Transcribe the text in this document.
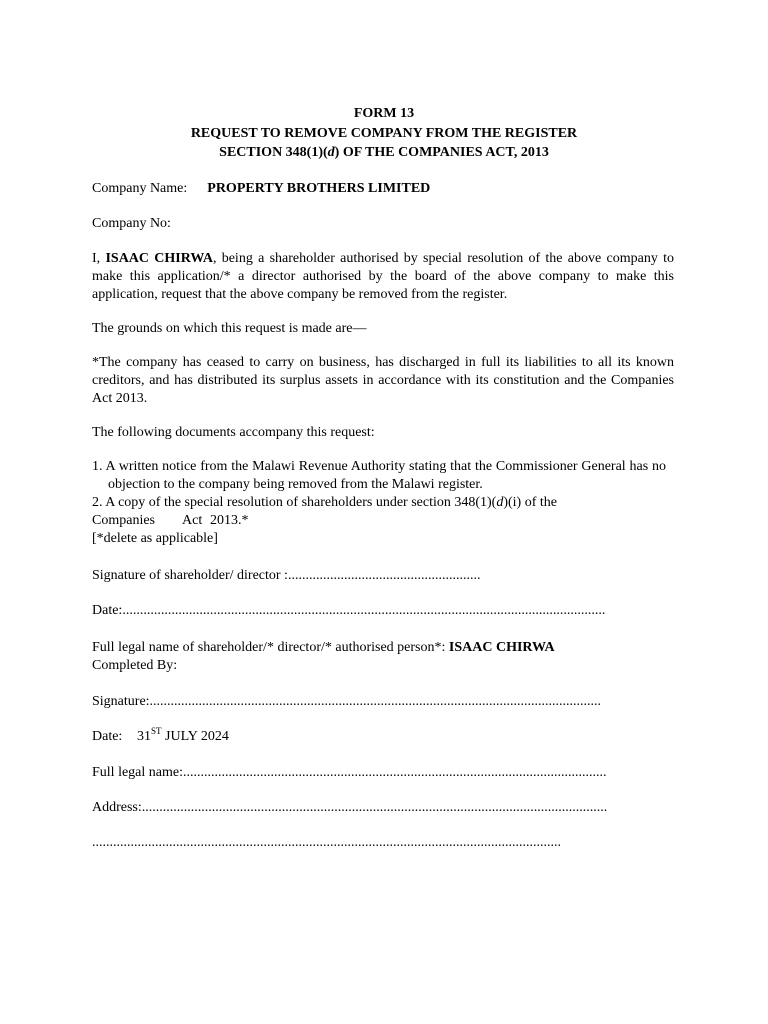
FORM 13
REQUEST TO REMOVE COMPANY FROM THE REGISTER
SECTION 348(1)(d) OF THE COMPANIES ACT, 2013
Company Name: PROPERTY BROTHERS LIMITED
Company No:
I, ISAAC CHIRWA, being a shareholder authorised by special resolution of the above company to make this application/* a director authorised by the board of the above company to make this application, request that the above company be removed from the register.
The grounds on which this request is made are—
*The company has ceased to carry on business, has discharged in full its liabilities to all its known creditors, and has distributed its surplus assets in accordance with its constitution and the Companies Act 2013.
The following documents accompany this request:
1. A written notice from the Malawi Revenue Authority stating that the Commissioner General has no objection to the company being removed from the Malawi register.
2. A copy of the special resolution of shareholders under section 348(1)(d)(i) of the
Companies Act 2013.*
[*delete as applicable]
Signature of shareholder/ director :.......................................................
Date:..........................................................................................................................................
Full legal name of shareholder/* director/* authorised person*: ISAAC CHIRWA
Completed By:
Signature:.................................................................................................................................
Date: 31ST JULY 2024
Full legal name:.........................................................................................................................
Address:.....................................................................................................................................
......................................................................................................................................
